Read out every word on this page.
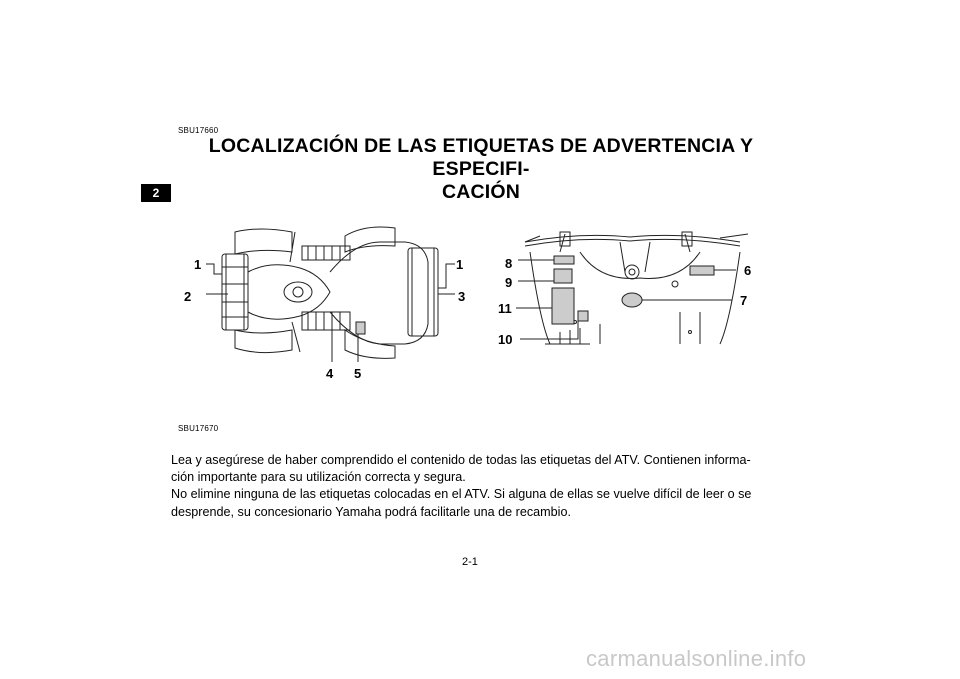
2
SBU17660
LOCALIZACIÓN DE LAS ETIQUETAS DE ADVERTENCIA Y ESPECIFI-
CACIÓN
1	1
2	3
4 5
8
9
11
10
6
7
SBU17670

Lea y asegúrese de haber comprendido el contenido de todas las etiquetas del ATV. Contienen informa-

ción importante para su utilización correcta y segura.

No elimine ninguna de las etiquetas colocadas en el ATV. Si alguna de ellas se vuelve difícil de leer o se

desprende, su concesionario Yamaha podrá facilitarle una de recambio.

2-1
carmanualsonline.info
